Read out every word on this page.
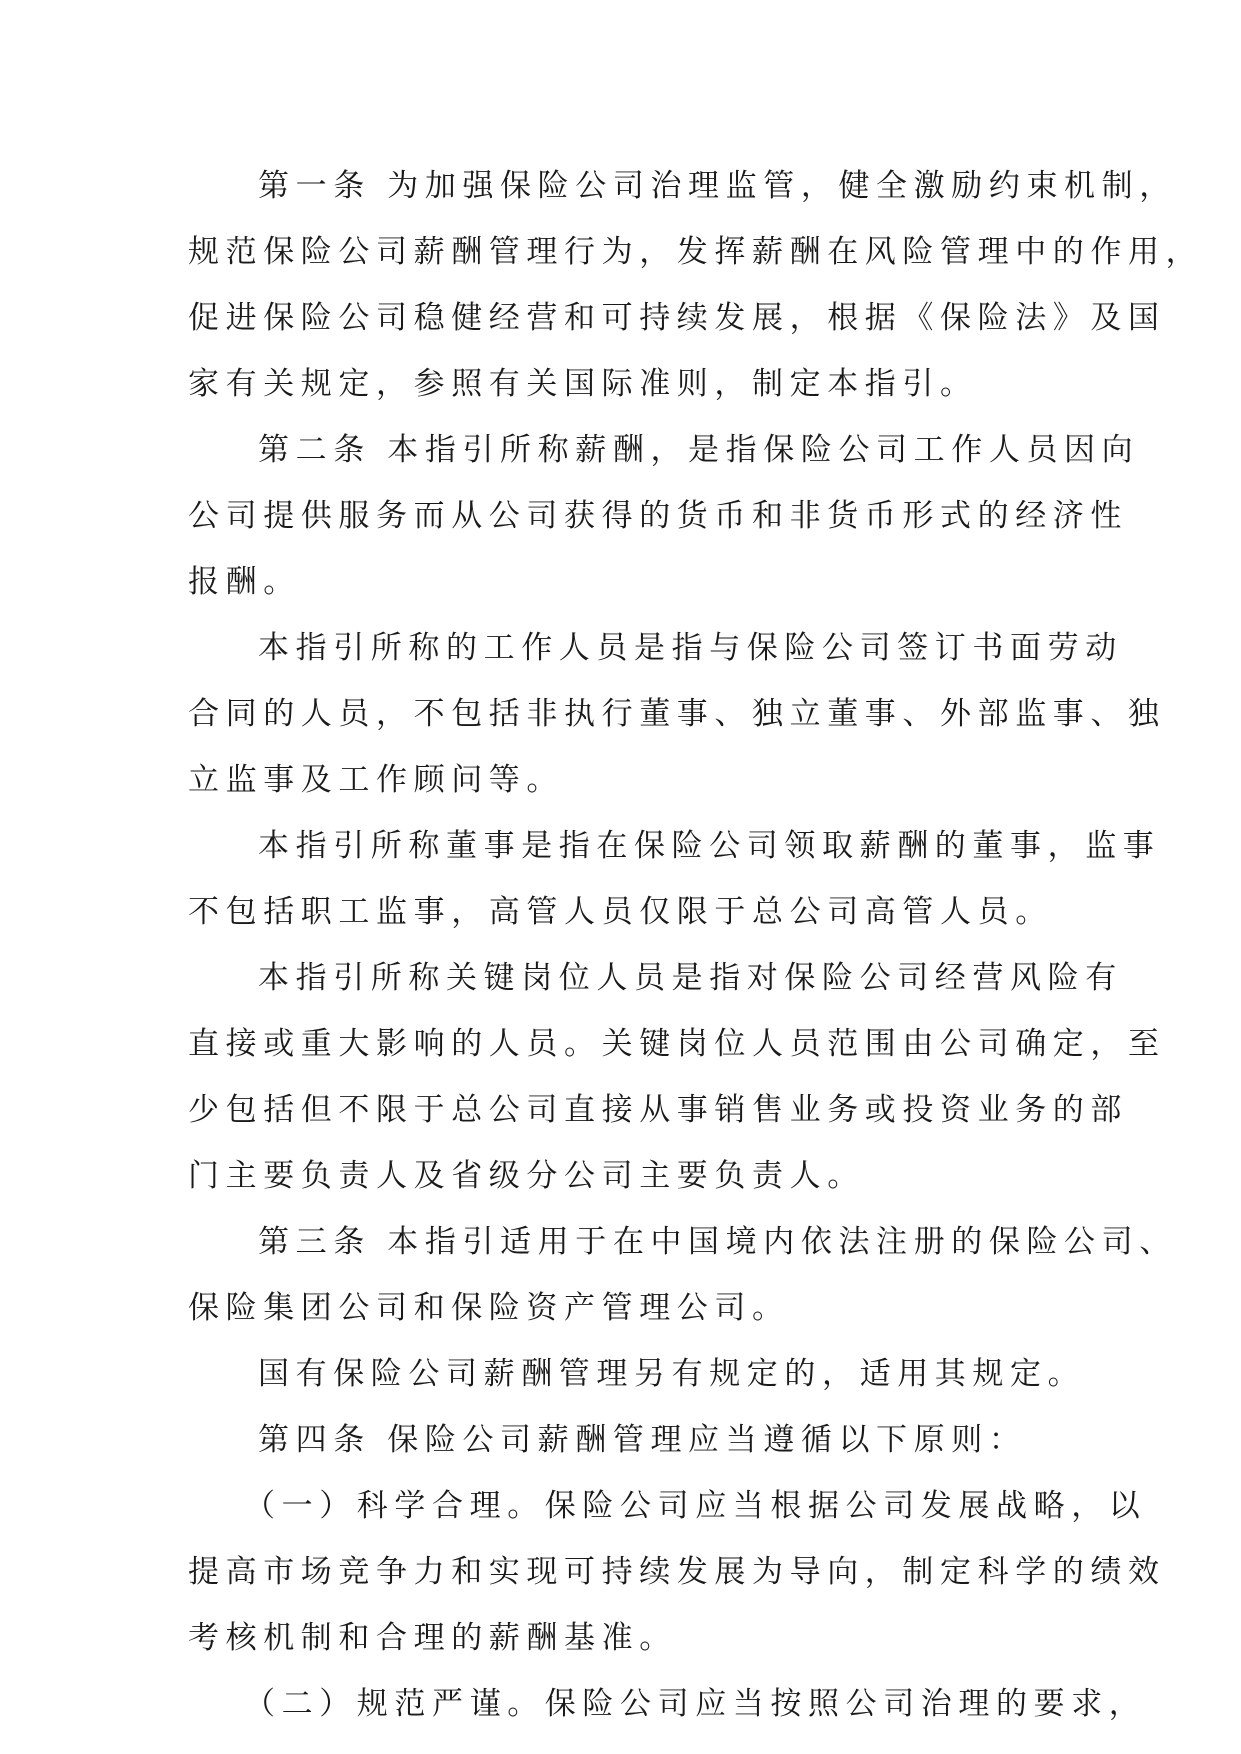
第一条 为加强保险公司治理监管，健全激励约束机制，
规范保险公司薪酬管理行为，发挥薪酬在风险管理中的作用，
促进保险公司稳健经营和可持续发展，根据《保险法》及国
家有关规定，参照有关国际准则，制定本指引。
第二条 本指引所称薪酬，是指保险公司工作人员因向
公司提供服务而从公司获得的货币和非货币形式的经济性
报酬。
本指引所称的工作人员是指与保险公司签订书面劳动
合同的人员，不包括非执行董事、独立董事、外部监事、独
立监事及工作顾问等。
本指引所称董事是指在保险公司领取薪酬的董事，监事
不包括职工监事，高管人员仅限于总公司高管人员。
本指引所称关键岗位人员是指对保险公司经营风险有
直接或重大影响的人员。关键岗位人员范围由公司确定，至
少包括但不限于总公司直接从事销售业务或投资业务的部
门主要负责人及省级分公司主要负责人。
第三条 本指引适用于在中国境内依法注册的保险公司、
保险集团公司和保险资产管理公司。
国有保险公司薪酬管理另有规定的，适用其规定。
第四条 保险公司薪酬管理应当遵循以下原则：
（一）科学合理。保险公司应当根据公司发展战略，以
提高市场竞争力和实现可持续发展为导向，制定科学的绩效
考核机制和合理的薪酬基准。
（二）规范严谨。保险公司应当按照公司治理的要求，
